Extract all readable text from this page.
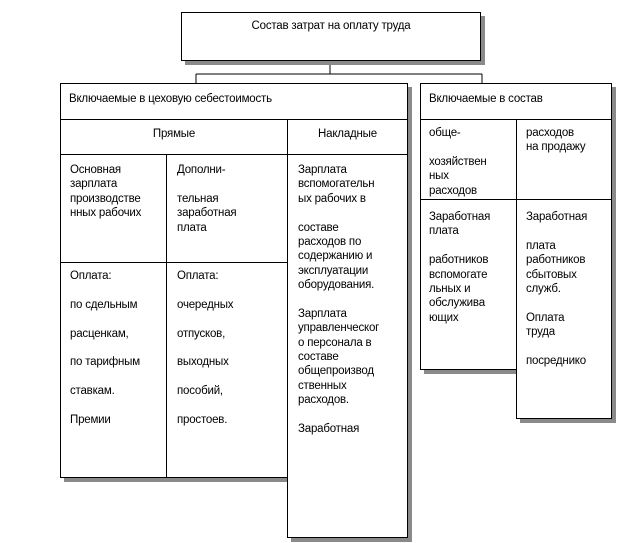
Состав затрат на оплату труда

Включаемые в цеховую себестоимость

Прямые	Накладные

Основная
зарплата
производстве
нных рабочих

Дополни-

тельная
заработная
плата

Оплата:

по сдельным

расценкам,

по тарифным

ставкам.

Премии

Оплата:

очередных

отпусков,

выходных

пособий,

простоев.

Зарплата
вспомогательн
ых рабочих в

составе
расходов по
содержанию и
эксплуатации
оборудования.

Зарплата
управленческог
о персонала в
составе
общепроизвод
ственных
расходов.

Заработная

Включаемые в состав

обще-

хозяйствен
ных
расходов

расходов
на продажу

Заработная
плата

работников
вспомогате
льных и
обслужива
ющих

Заработная

плата
работников
сбытовых
служб.

Оплата
труда

посреднико
